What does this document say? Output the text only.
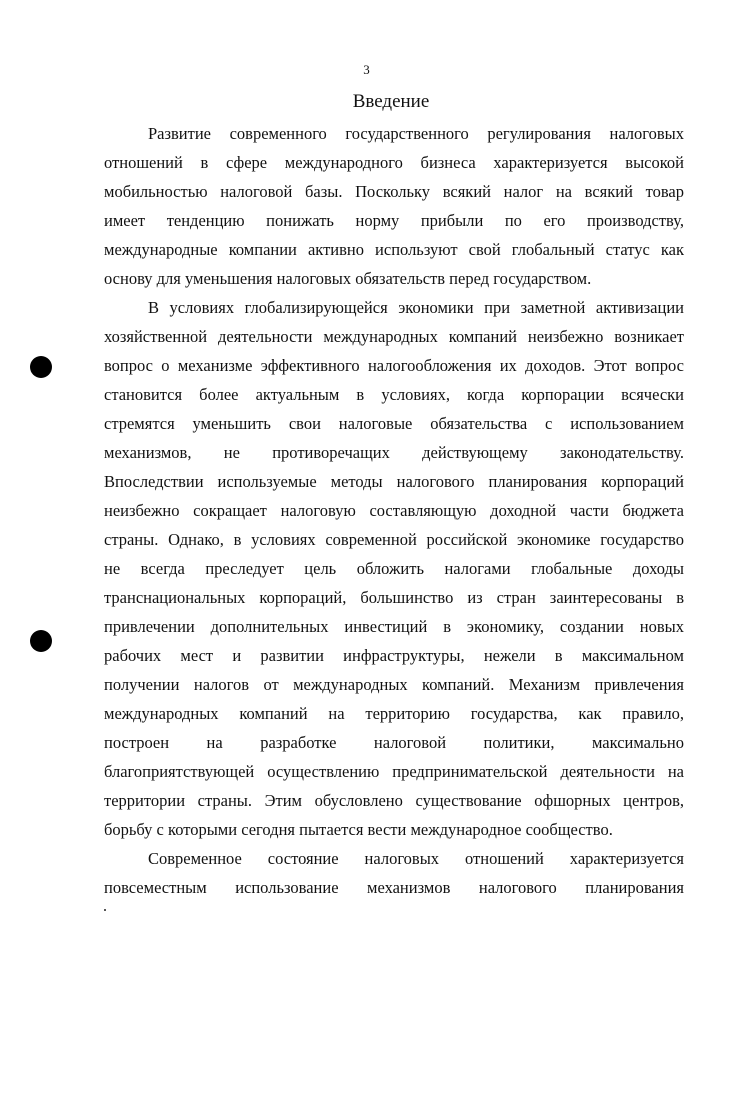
3
Введение
Развитие современного государственного регулирования налоговых
отношений в сфере международного бизнеса характеризуется высокой
мобильностью налоговой базы. Поскольку всякий налог на всякий товар
имеет тенденцию понижать норму прибыли по его производству,
международные компании активно используют свой глобальный статус как
основу для уменьшения налоговых обязательств перед государством.
В условиях глобализирующейся экономики при заметной активизации
хозяйственной деятельности международных компаний неизбежно возникает
вопрос о механизме эффективного налогообложения их доходов. Этот вопрос
становится более актуальным в условиях, когда корпорации всячески
стремятся уменьшить свои налоговые обязательства с использованием
механизмов, не противоречащих действующему законодательству.
Впоследствии используемые методы налогового планирования корпораций
неизбежно сокращает налоговую составляющую доходной части бюджета
страны. Однако, в условиях современной российской экономике государство
не всегда преследует цель обложить налогами глобальные доходы
транснациональных корпораций, большинство из стран заинтересованы в
привлечении дополнительных инвестиций в экономику, создании новых
рабочих мест и развитии инфраструктуры, нежели в максимальном
получении налогов от международных компаний. Механизм привлечения
международных компаний на территорию государства, как правило,
построен на разработке налоговой политики, максимально
благоприятствующей осуществлению предпринимательской деятельности на
территории страны. Этим обусловлено существование офшорных центров,
борьбу с которыми сегодня пытается вести международное сообщество.
Современное состояние налоговых отношений характеризуется
повсеместным использование механизмов налогового планирования
